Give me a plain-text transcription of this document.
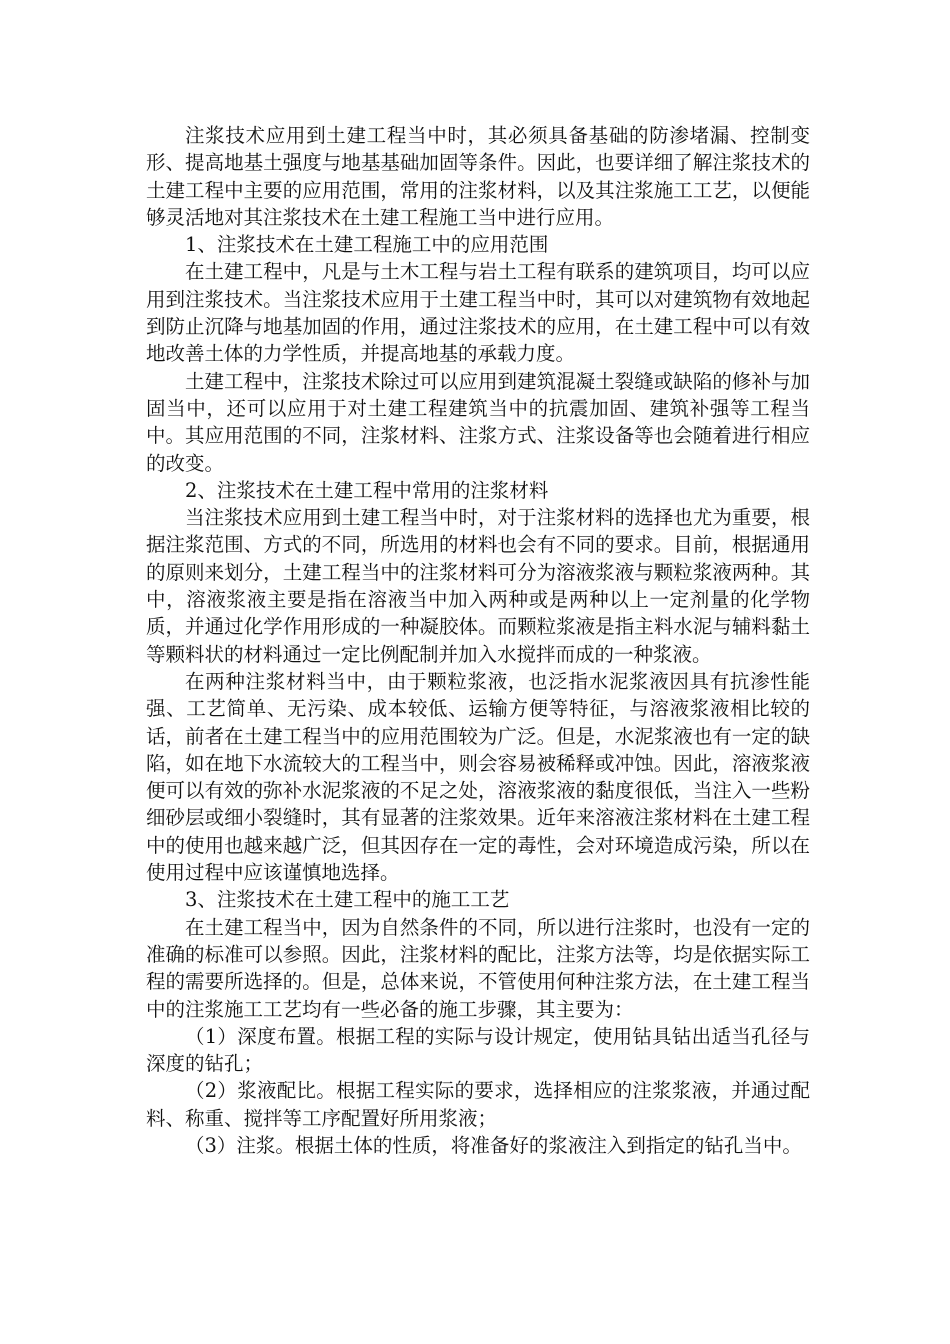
注浆技术应用到土建工程当中时，其必须具备基础的防渗堵漏、控制变形、提高地基土强度与地基基础加固等条件。因此，也要详细了解注浆技术的土建工程中主要的应用范围，常用的注浆材料，以及其注浆施工工艺，以便能够灵活地对其注浆技术在土建工程施工当中进行应用。

1、注浆技术在土建工程施工中的应用范围

在土建工程中，凡是与土木工程与岩土工程有联系的建筑项目，均可以应用到注浆技术。当注浆技术应用于土建工程当中时，其可以对建筑物有效地起到防止沉降与地基加固的作用，通过注浆技术的应用，在土建工程中可以有效地改善土体的力学性质，并提高地基的承载力度。

土建工程中，注浆技术除过可以应用到建筑混凝土裂缝或缺陷的修补与加固当中，还可以应用于对土建工程建筑当中的抗震加固、建筑补强等工程当中。其应用范围的不同，注浆材料、注浆方式、注浆设备等也会随着进行相应的改变。

2、注浆技术在土建工程中常用的注浆材料

当注浆技术应用到土建工程当中时，对于注浆材料的选择也尤为重要，根据注浆范围、方式的不同，所选用的材料也会有不同的要求。目前，根据通用的原则来划分，土建工程当中的注浆材料可分为溶液浆液与颗粒浆液两种。其中，溶液浆液主要是指在溶液当中加入两种或是两种以上一定剂量的化学物质，并通过化学作用形成的一种凝胶体。而颗粒浆液是指主料水泥与辅料黏土等颗料状的材料通过一定比例配制并加入水搅拌而成的一种浆液。

在两种注浆材料当中，由于颗粒浆液，也泛指水泥浆液因具有抗渗性能强、工艺简单、无污染、成本较低、运输方便等特征，与溶液浆液相比较的话，前者在土建工程当中的应用范围较为广泛。但是，水泥浆液也有一定的缺陷，如在地下水流较大的工程当中，则会容易被稀释或冲蚀。因此，溶液浆液便可以有效的弥补水泥浆液的不足之处，溶液浆液的黏度很低，当注入一些粉细砂层或细小裂缝时，其有显著的注浆效果。近年来溶液注浆材料在土建工程中的使用也越来越广泛，但其因存在一定的毒性，会对环境造成污染，所以在使用过程中应该谨慎地选择。

3、注浆技术在土建工程中的施工工艺

在土建工程当中，因为自然条件的不同，所以进行注浆时，也没有一定的准确的标准可以参照。因此，注浆材料的配比，注浆方法等，均是依据实际工程的需要所选择的。但是，总体来说，不管使用何种注浆方法，在土建工程当中的注浆施工工艺均有一些必备的施工步骤，其主要为：

（1）深度布置。根据工程的实际与设计规定，使用钻具钻出适当孔径与深度的钻孔；

（2）浆液配比。根据工程实际的要求，选择相应的注浆浆液，并通过配料、称重、搅拌等工序配置好所用浆液；

（3）注浆。根据土体的性质，将准备好的浆液注入到指定的钻孔当中。
